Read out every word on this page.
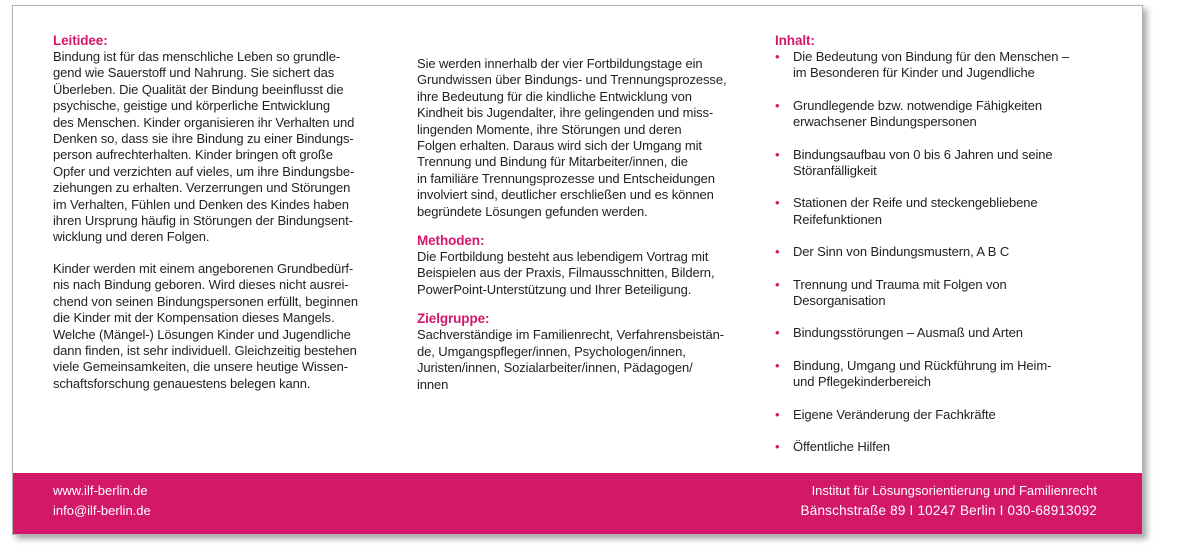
Leitidee:

Bindung ist für das menschliche Leben so grundle-
gend wie Sauerstoff und Nahrung. Sie sichert das
Überleben. Die Qualität der Bindung beeinflusst die
psychische, geistige und körperliche Entwicklung
des Menschen. Kinder organisieren ihr Verhalten und
Denken so, dass sie ihre Bindung zu einer Bindungs-
person aufrechterhalten. Kinder bringen oft große
Opfer und verzichten auf vieles, um ihre Bindungsbe-
ziehungen zu erhalten. Verzerrungen und Störungen
im Verhalten, Fühlen und Denken des Kindes haben
ihren Ursprung häufig in Störungen der Bindungsent-
wicklung und deren Folgen.

Kinder werden mit einem angeborenen Grundbedürf-
nis nach Bindung geboren. Wird dieses nicht ausrei-
chend von seinen Bindungspersonen erfüllt, beginnen
die Kinder mit der Kompensation dieses Mangels.
Welche (Mängel-) Lösungen Kinder und Jugendliche
dann finden, ist sehr individuell. Gleichzeitig bestehen
viele Gemeinsamkeiten, die unsere heutige Wissen-
schaftsforschung genauestens belegen kann.

Sie werden innerhalb der vier Fortbildungstage ein
Grundwissen über Bindungs- und Trennungsprozesse,
ihre Bedeutung für die kindliche Entwicklung von
Kindheit bis Jugendalter, ihre gelingenden und miss-
lingenden Momente, ihre Störungen und deren
Folgen erhalten. Daraus wird sich der Umgang mit
Trennung und Bindung für Mitarbeiter/innen, die
in familiäre Trennungsprozesse und Entscheidungen
involviert sind, deutlicher erschließen und es können
begründete Lösungen gefunden werden.

Methoden:

Die Fortbildung besteht aus lebendigem Vortrag mit
Beispielen aus der Praxis, Filmausschnitten, Bildern,
PowerPoint-Unterstützung und Ihrer Beteiligung.

Zielgruppe:

Sachverständige im Familienrecht, Verfahrensbeistän-
de, Umgangspfleger/innen, Psychologen/innen,
Juristen/innen, Sozialarbeiter/innen, Pädagogen/
innen

Inhalt:
• Die Bedeutung von Bindung für den Menschen –
im Besonderen für Kinder und Jugendliche
• Grundlegende bzw. notwendige Fähigkeiten
erwachsener Bindungspersonen
• Bindungsaufbau von 0 bis 6 Jahren und seine
Störanfälligkeit
• Stationen der Reife und steckengebliebene
Reifefunktionen
• Der Sinn von Bindungsmustern, A B C
• Trennung und Trauma mit Folgen von
Desorganisation
• Bindungsstörungen – Ausmaß und Arten
• Bindung, Umgang und Rückführung im Heim-
und Pflegekinderbereich
• Eigene Veränderung der Fachkräfte
• Öffentliche Hilfen
www.ilf-berlin.de
info@ilf-berlin.de
Institut für Lösungsorientierung und Familienrecht
Bänschstraße 89 I 10247 Berlin I 030-68913092
